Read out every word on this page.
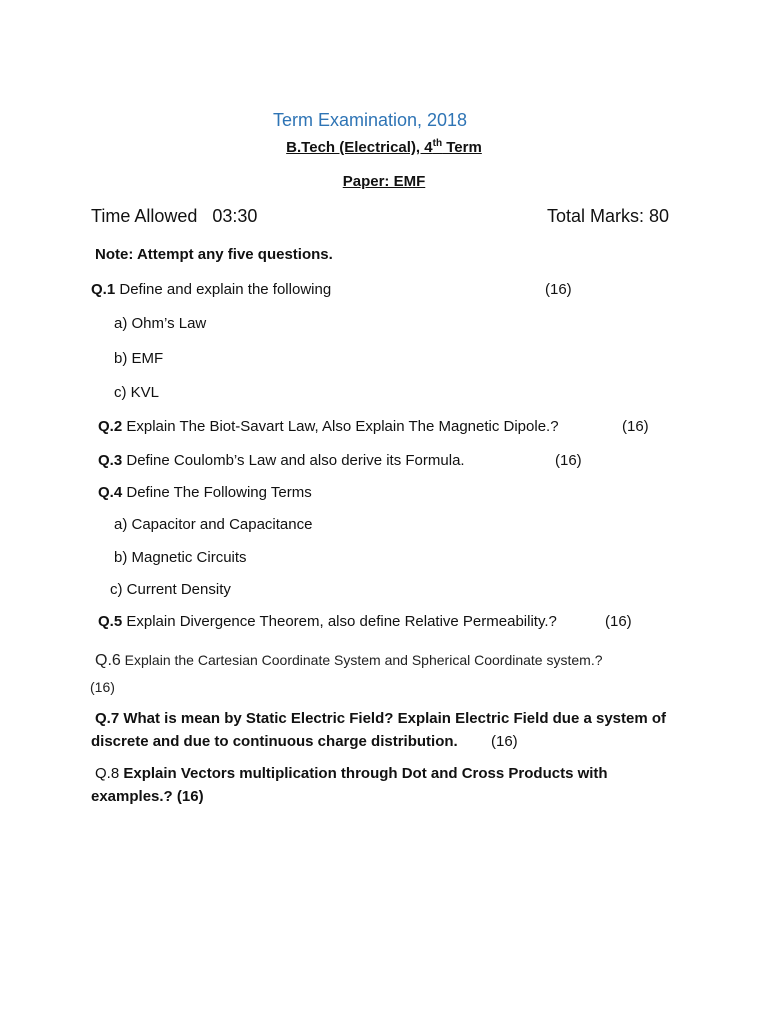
Term Examination, 2018
B.Tech (Electrical), 4th Term
Paper: EMF
Time Allowed   03:30	Total Marks: 80
Note: Attempt any five questions.
Q.1 Define and explain the following	(16)
a) Ohm’s Law
b) EMF
c) KVL
Q.2 Explain The Biot-Savart Law, Also Explain The Magnetic Dipole.?	(16)
Q.3 Define Coulomb’s Law and also derive its Formula.	(16)
Q.4 Define The Following Terms
a) Capacitor and Capacitance
b) Magnetic Circuits
c) Current Density
Q.5 Explain Divergence Theorem, also define Relative Permeability.?	(16)
Q.6 Explain the Cartesian Coordinate System and Spherical Coordinate system.?
(16)
Q.7 What is mean by Static Electric Field? Explain Electric Field due a system of
discrete and due to continuous charge distribution. (16)
Q.8 Explain Vectors multiplication through Dot and Cross Products with
examples.? (16)
